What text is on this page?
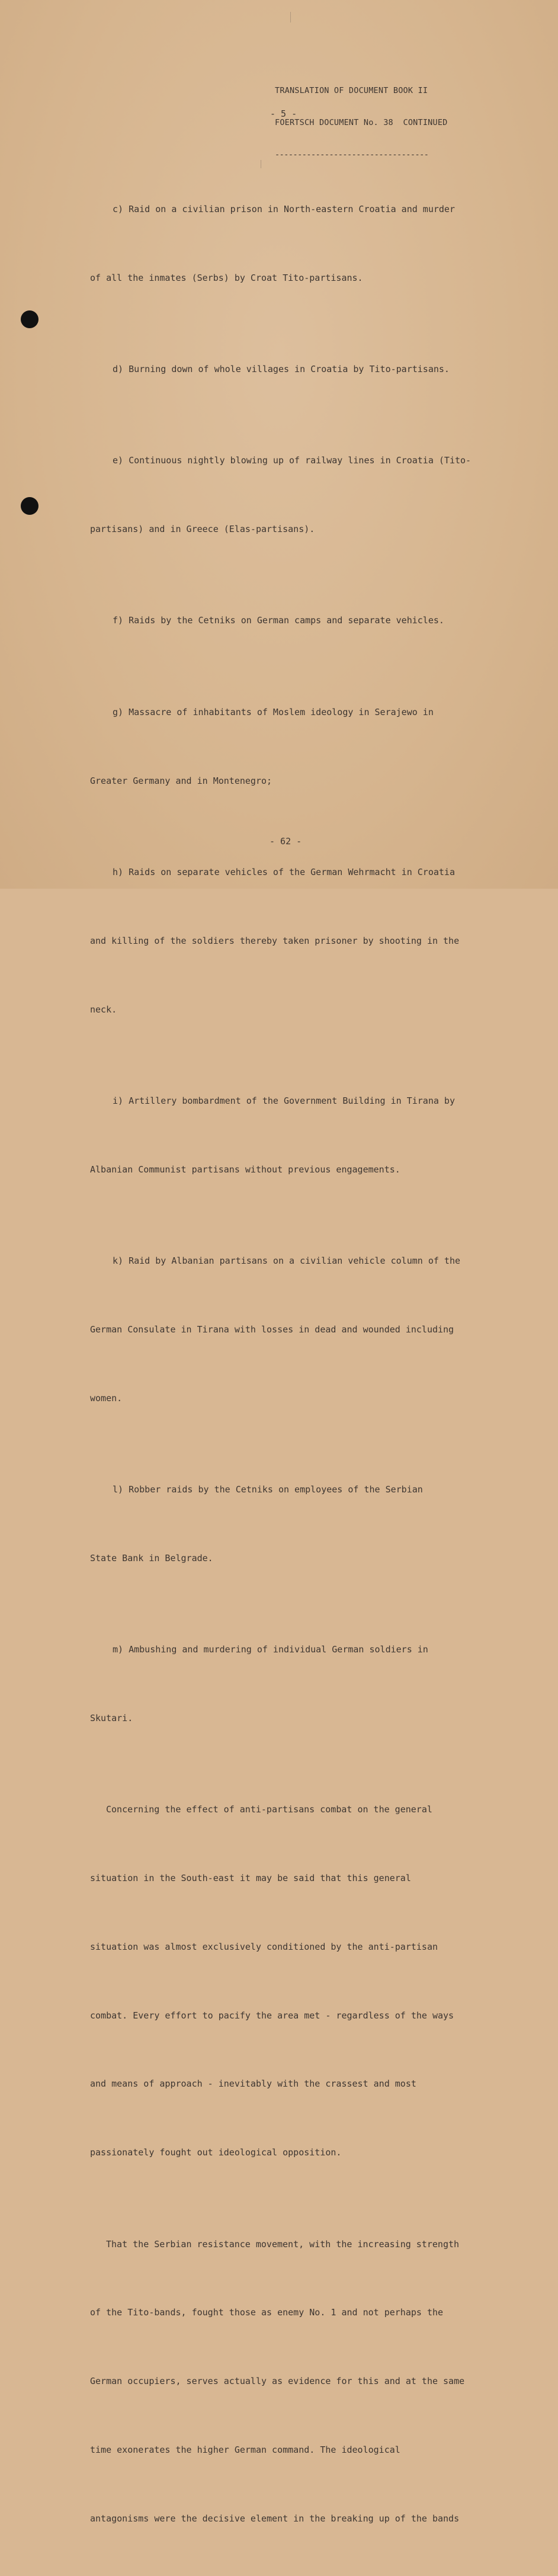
TRANSLATION OF DOCUMENT BOOK II

FOERTSCH DOCUMENT No. 38  CONTINUED

----------------------------------

- 5 -

c) Raid on a civilian prison in North-eastern Croatia and murder

of all the inmates (Serbs) by Croat Tito-partisans.

d) Burning down of whole villages in Croatia by Tito-partisans.

e) Continuous nightly blowing up of railway lines in Croatia (Tito-

partisans) and in Greece (Elas-partisans).

f) Raids by the Cetniks on German camps and separate vehicles.

g) Massacre of inhabitants of Moslem ideology in Serajewo in

Greater Germany and in Montenegro;

h) Raids on separate vehicles of the German Wehrmacht in Croatia

and killing of the soldiers thereby taken prisoner by shooting in the

neck.

i) Artillery bombardment of the Government Building in Tirana by

Albanian Communist partisans without previous engagements.

k) Raid by Albanian partisans on a civilian vehicle column of the

German Consulate in Tirana with losses in dead and wounded including

women.

l) Robber raids by the Cetniks on employees of the Serbian

State Bank in Belgrade.

m) Ambushing and murdering of individual German soldiers in

Skutari.

Concerning the effect of anti-partisans combat on the general

situation in the South-east it may be said that this general

situation was almost exclusively conditioned by the anti-partisan

combat. Every effort to pacify the area met - regardless of the ways

and means of approach - inevitably with the crassest and most

passionately fought out ideological opposition.

That the Serbian resistance movement, with the increasing strength

of the Tito-bands, fought those as enemy No. 1 and not perhaps the

German occupiers, serves actually as evidence for this and at the same

time exonerates the higher German command. The ideological

antagonisms were the decisive element in the breaking up of the bands

- 62 -
